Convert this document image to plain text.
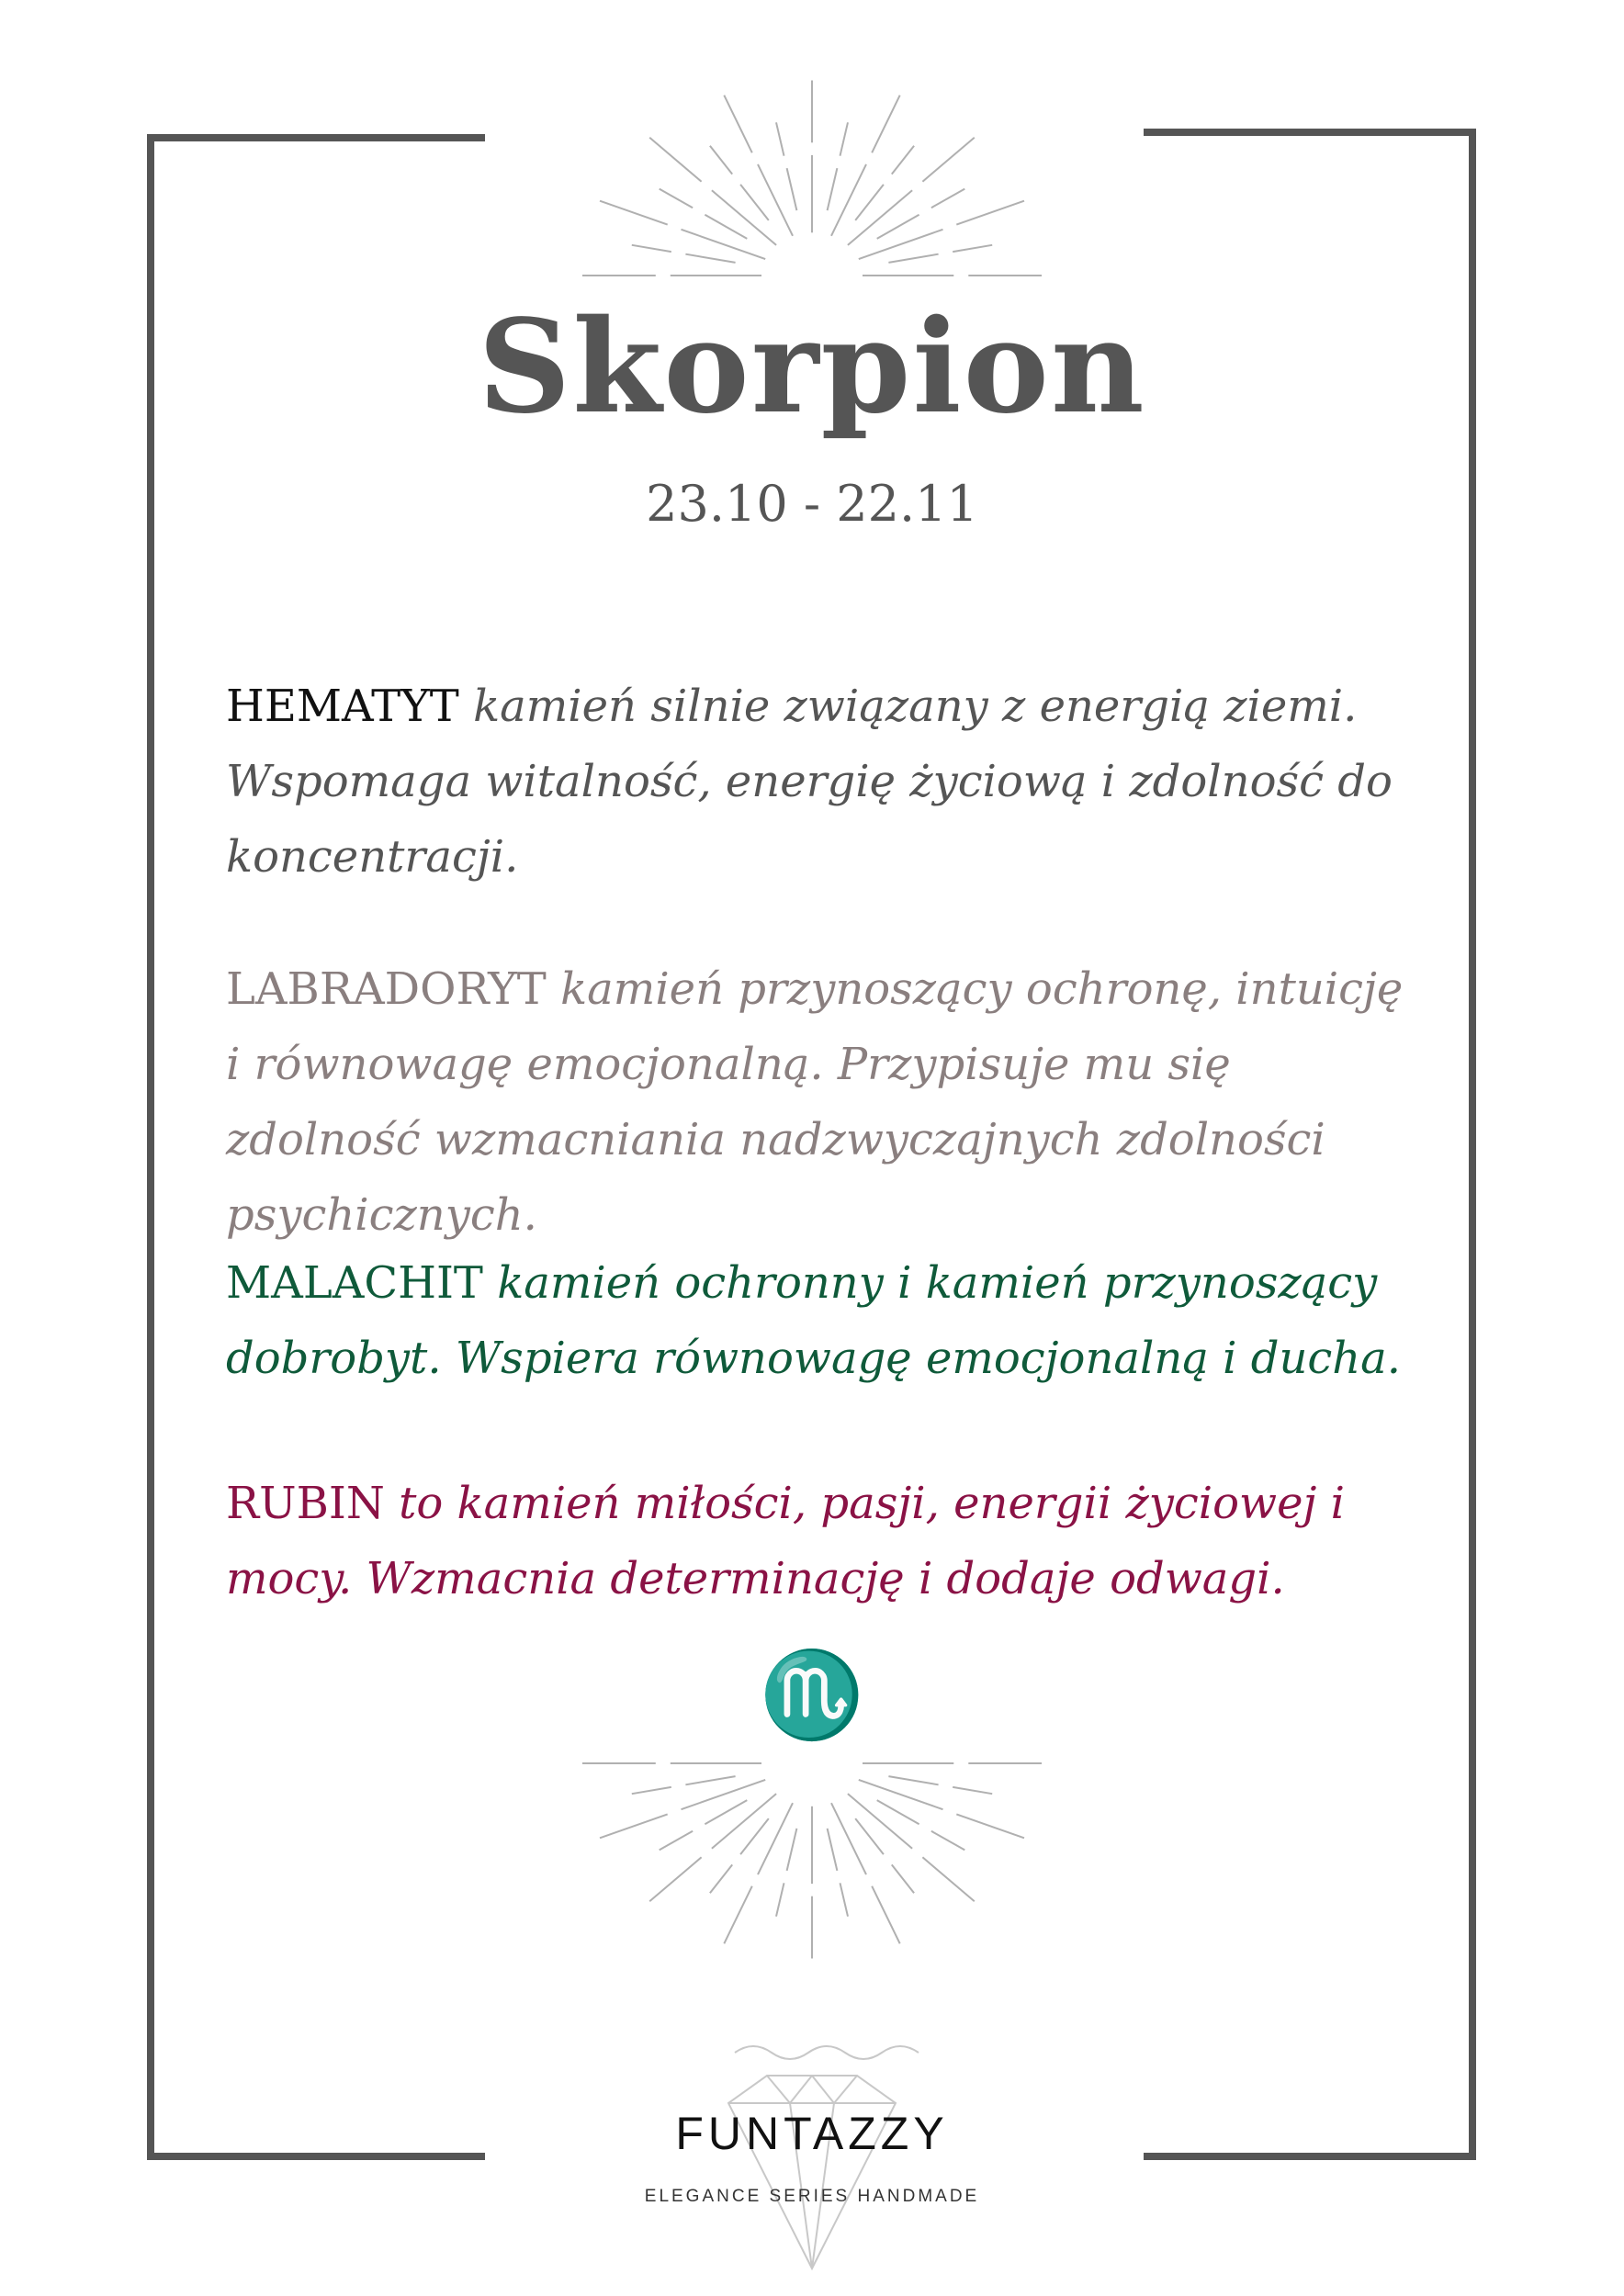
Skorpion
23.10 - 22.11
HEMATYT kamień silnie związany z energią ziemi. Wspomaga witalność, energię życiową i zdolność do koncentracji.
LABRADORYT kamień przynoszący ochronę, intuicję i równowagę emocjonalną. Przypisuje mu się zdolność wzmacniania nadzwyczajnych zdolności psychicznych.
MALACHIT kamień ochronny i kamień przynoszący dobrobyt. Wspiera równowagę emocjonalną i ducha.
RUBIN to kamień miłości, pasji, energii życiowej i mocy. Wzmacnia determinację i dodaje odwagi.
♏
FUNTAZZY
ELEGANCE SERIES HANDMADE
